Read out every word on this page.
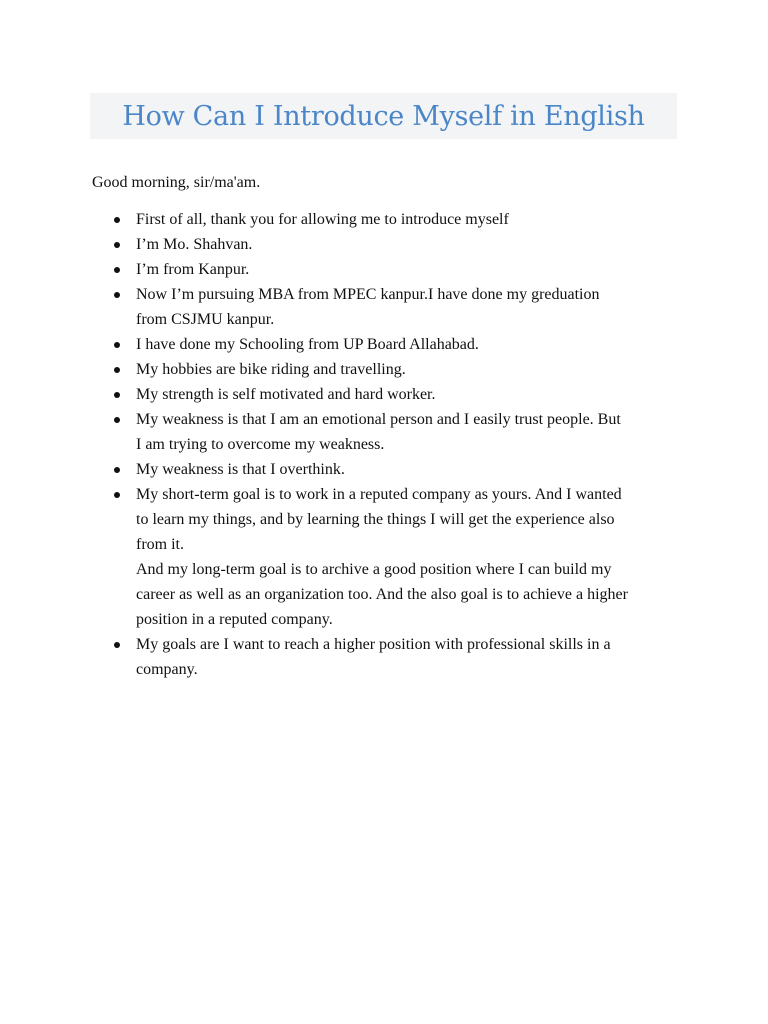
How Can I Introduce Myself in English

Good morning, sir/ma'am.

First of all, thank you for allowing me to introduce myself
I’m Mo. Shahvan.
I’m from Kanpur.
Now I’m pursuing MBA from MPEC kanpur.I have done my greduation
from CSJMU kanpur.
I have done my Schooling from UP Board Allahabad.
My hobbies are bike riding and travelling.
My strength is self motivated and hard worker.
My weakness is that I am an emotional person and I easily trust people. But
I am trying to overcome my weakness.
My weakness is that I overthink.
My short-term goal is to work in a reputed company as yours. And I wanted
to learn my things, and by learning the things I will get the experience also
from it.
And my long-term goal is to archive a good position where I can build my
career as well as an organization too. And the also goal is to achieve a higher
position in a reputed company.
My goals are I want to reach a higher position with professional skills in a
company.
